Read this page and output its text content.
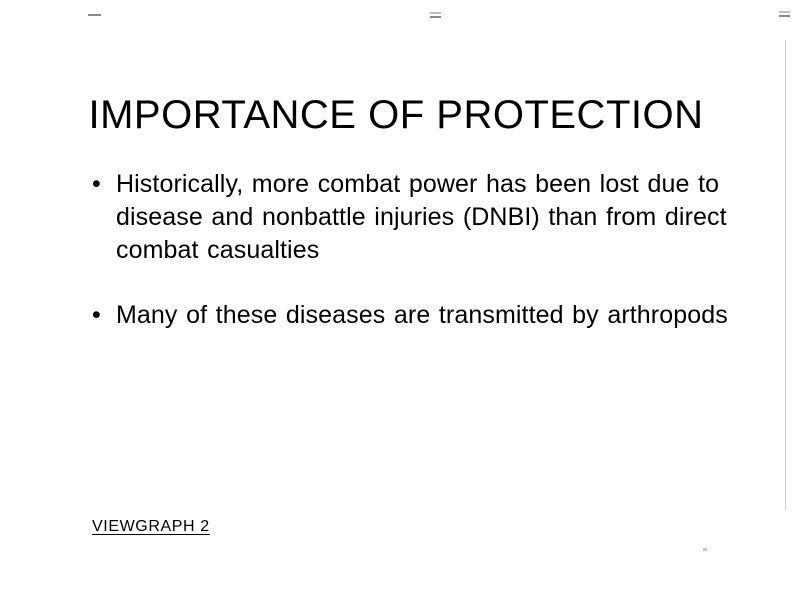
IMPORTANCE OF PROTECTION
• Historically, more combat power has been lost due to disease and nonbattle injuries (DNBI) than from direct combat casualties
• Many of these diseases are transmitted by arthropods
VIEWGRAPH 2
